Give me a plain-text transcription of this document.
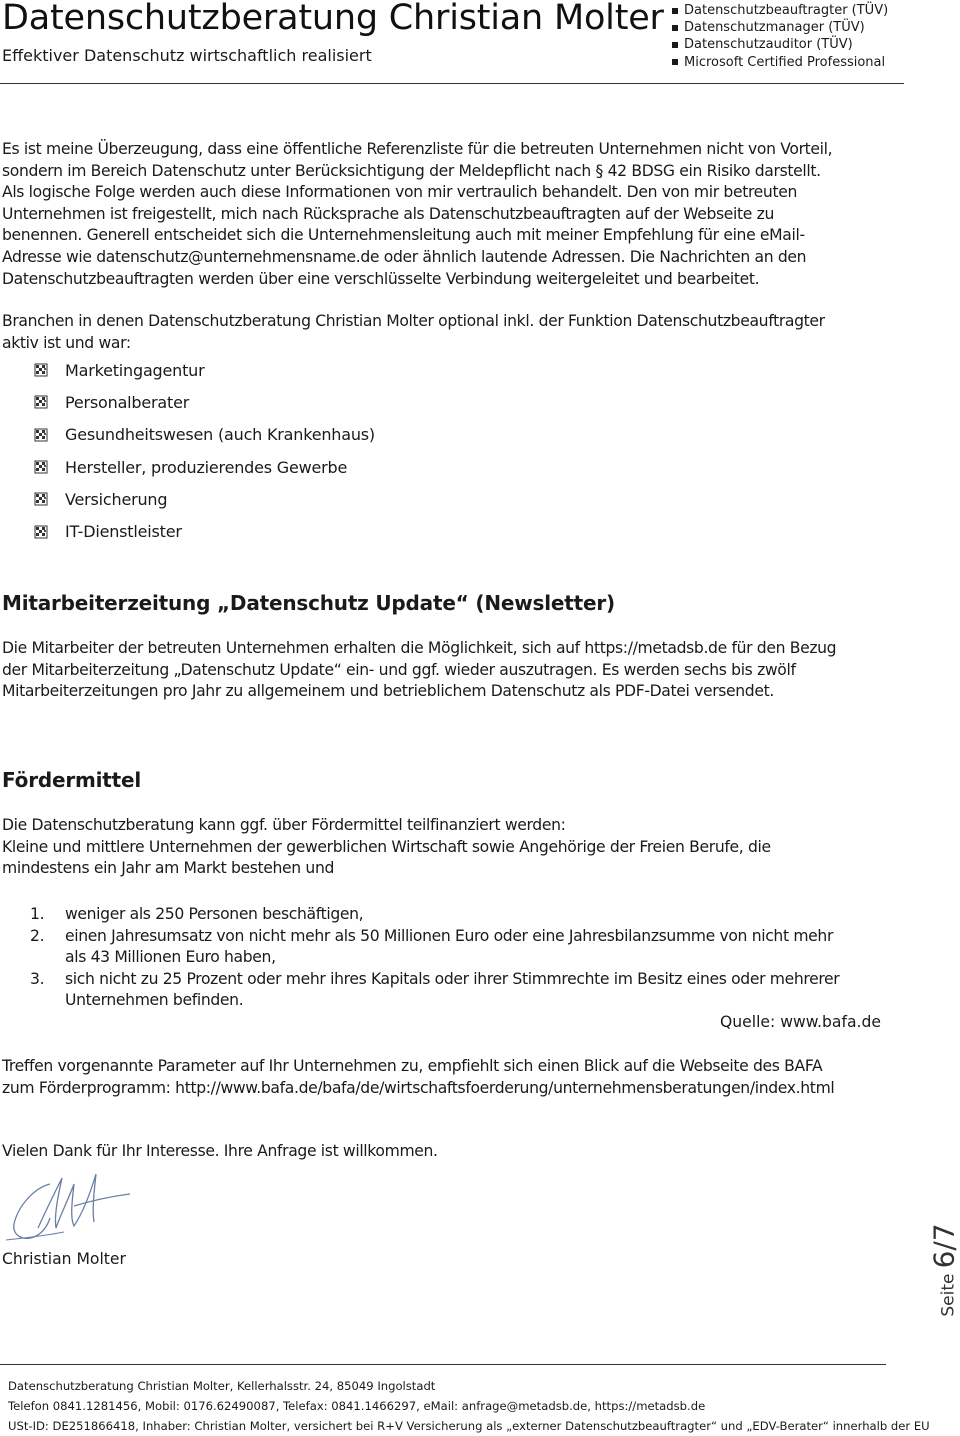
Datenschutzberatung Christian Molter
Effektiver Datenschutz wirtschaftlich realisiert
Datenschutzbeauftragter (TÜV)
Datenschutzmanager (TÜV)
Datenschutzauditor (TÜV)
Microsoft Certified Professional
Es ist meine Überzeugung, dass eine öffentliche Referenzliste für die betreuten Unternehmen nicht von Vorteil,
sondern im Bereich Datenschutz unter Berücksichtigung der Meldepflicht nach § 42 BDSG ein Risiko darstellt.
Als logische Folge werden auch diese Informationen von mir vertraulich behandelt. Den von mir betreuten
Unternehmen ist freigestellt, mich nach Rücksprache als Datenschutzbeauftragten auf der Webseite zu
benennen. Generell entscheidet sich die Unternehmensleitung auch mit meiner Empfehlung für eine eMail-
Adresse wie datenschutz@unternehmensname.de oder ähnlich lautende Adressen. Die Nachrichten an den
Datenschutzbeauftragten werden über eine verschlüsselte Verbindung weitergeleitet und bearbeitet.
Branchen in denen Datenschutzberatung Christian Molter optional inkl. der Funktion Datenschutzbeauftragter
aktiv ist und war:
Marketingagentur
Personalberater
Gesundheitswesen (auch Krankenhaus)
Hersteller, produzierendes Gewerbe
Versicherung
IT-Dienstleister
Mitarbeiterzeitung „Datenschutz Update“ (Newsletter)
Die Mitarbeiter der betreuten Unternehmen erhalten die Möglichkeit, sich auf https://metadsb.de für den Bezug
der Mitarbeiterzeitung „Datenschutz Update“ ein- und ggf. wieder auszutragen. Es werden sechs bis zwölf
Mitarbeiterzeitungen pro Jahr zu allgemeinem und betrieblichem Datenschutz als PDF-Datei versendet.
Fördermittel
Die Datenschutzberatung kann ggf. über Fördermittel teilfinanziert werden:
Kleine und mittlere Unternehmen der gewerblichen Wirtschaft sowie Angehörige der Freien Berufe, die
mindestens ein Jahr am Markt bestehen und
1.	weniger als 250 Personen beschäftigen,
2.	einen Jahresumsatz von nicht mehr als 50 Millionen Euro oder eine Jahresbilanzsumme von nicht mehr
als 43 Millionen Euro haben,
3.	sich nicht zu 25 Prozent oder mehr ihres Kapitals oder ihrer Stimmrechte im Besitz eines oder mehrerer
Unternehmen befinden.
Quelle: www.bafa.de
Treffen vorgenannte Parameter auf Ihr Unternehmen zu, empfiehlt sich einen Blick auf die Webseite des BAFA
zum Förderprogramm: http://www.bafa.de/bafa/de/wirtschaftsfoerderung/unternehmensberatungen/index.html
Vielen Dank für Ihr Interesse. Ihre Anfrage ist willkommen.
Christian Molter
Seite 6/7
Datenschutzberatung Christian Molter, Kellerhalsstr. 24, 85049 Ingolstadt
Telefon 0841.1281456, Mobil: 0176.62490087, Telefax: 0841.1466297, eMail: anfrage@metadsb.de, https://metadsb.de
USt-ID: DE251866418, Inhaber: Christian Molter, versichert bei R+V Versicherung als „externer Datenschutzbeauftragter“ und „EDV-Berater“ innerhalb der EU
